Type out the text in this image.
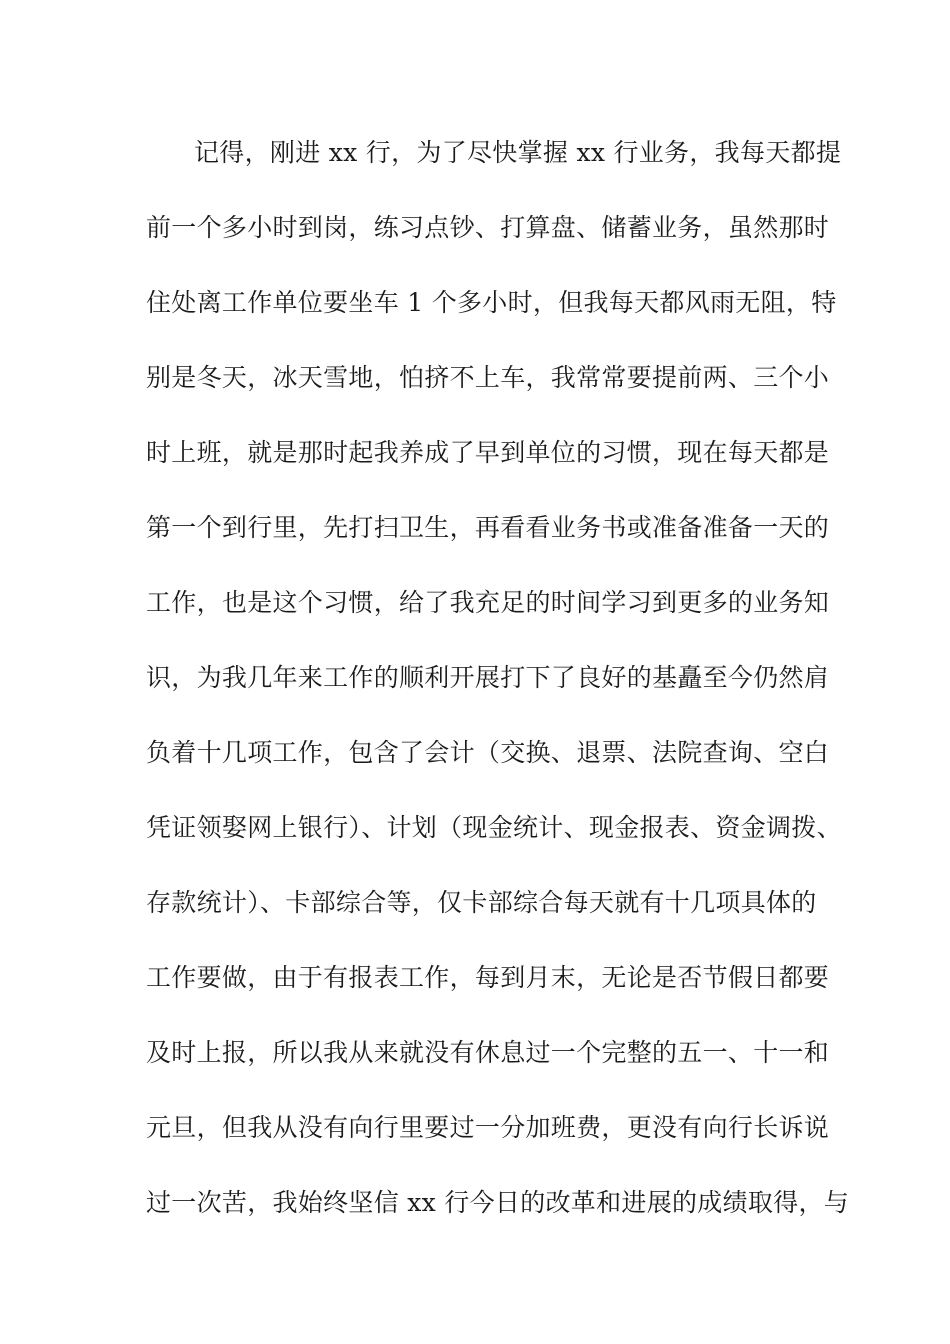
记得，刚进 xx 行，为了尽快掌握 xx 行业务，我每天都提
前一个多小时到岗，练习点钞、打算盘、储蓄业务，虽然那时
住处离工作单位要坐车 1 个多小时，但我每天都风雨无阻，特
别是冬天，冰天雪地，怕挤不上车，我常常要提前两、三个小
时上班，就是那时起我养成了早到单位的习惯，现在每天都是
第一个到行里，先打扫卫生，再看看业务书或准备准备一天的
工作，也是这个习惯，给了我充足的时间学习到更多的业务知
识，为我几年来工作的顺利开展打下了良好的基矗至今仍然肩
负着十几项工作，包含了会计（交换、退票、法院查询、空白
凭证领娶网上银行）、计划（现金统计、现金报表、资金调拨、
存款统计）、卡部综合等，仅卡部综合每天就有十几项具体的
工作要做，由于有报表工作，每到月末，无论是否节假日都要
及时上报，所以我从来就没有休息过一个完整的五一、十一和
元旦，但我从没有向行里要过一分加班费，更没有向行长诉说
过一次苦，我始终坚信 xx 行今日的改革和进展的成绩取得，与
